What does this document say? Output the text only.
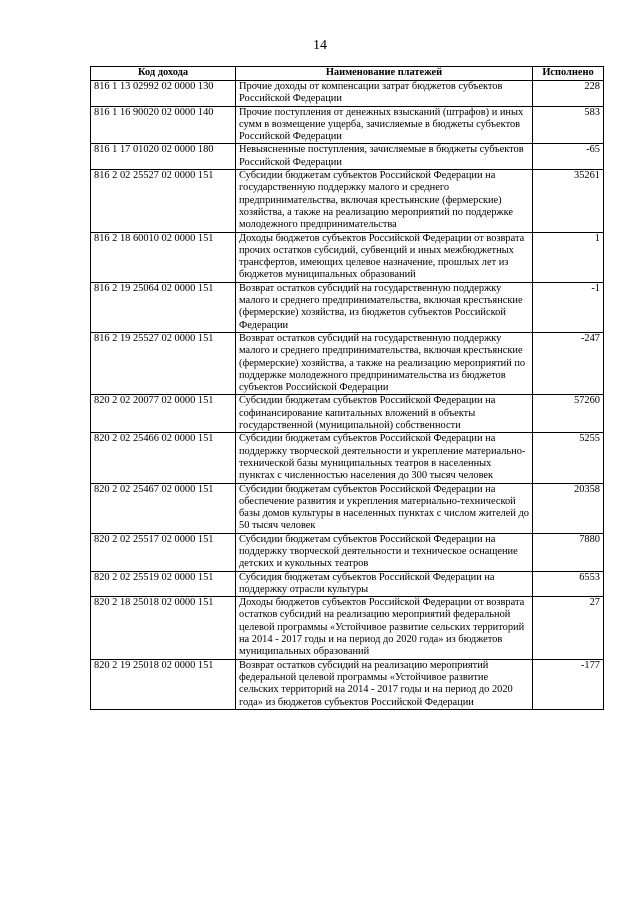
14
Код дохода	Наименование платежей	Исполнено
816 1 13 02992 02 0000 130	Прочие доходы от компенсации затрат бюджетов субъектов Российской Федерации	228
816 1 16 90020 02 0000 140	Прочие поступления от денежных взысканий (штрафов) и иных сумм в возмещение ущерба, зачисляемые в бюджеты субъектов Российской Федерации	583
816 1 17 01020 02 0000 180	Невыясненные поступления, зачисляемые в бюджеты субъектов Российской Федерации	-65
816 2 02 25527 02 0000 151	Субсидии бюджетам субъектов Российской Федерации на государственную поддержку малого и среднего предпринимательства, включая крестьянские (фермерские) хозяйства, а также на реализацию мероприятий по поддержке молодежного предпринимательства	35261
816 2 18 60010 02 0000 151	Доходы бюджетов субъектов Российской Федерации от возврата прочих остатков субсидий, субвенций и иных межбюджетных трансфертов, имеющих целевое назначение, прошлых лет из бюджетов муниципальных образований	1
816 2 19 25064 02 0000 151	Возврат остатков субсидий на государственную поддержку малого и среднего предпринимательства, включая крестьянские (фермерские) хозяйства, из бюджетов субъектов Российской Федерации	-1
816 2 19 25527 02 0000 151	Возврат остатков субсидий на государственную поддержку малого и среднего предпринимательства, включая крестьянские (фермерские) хозяйства, а также на реализацию мероприятий по поддержке молодежного предпринимательства из бюджетов субъектов Российской Федерации	-247
820 2 02 20077 02 0000 151	Субсидии бюджетам субъектов Российской Федерации на софинансирование капитальных вложений в объекты государственной (муниципальной) собственности	57260
820 2 02 25466 02 0000 151	Субсидии бюджетам субъектов Российской Федерации на поддержку творческой деятельности и укрепление материально-технической базы муниципальных театров в населенных пунктах с численностью населения до 300 тысяч человек	5255
820 2 02 25467 02 0000 151	Субсидии бюджетам субъектов Российской Федерации на обеспечение развития и укрепления материально-технической базы домов культуры в населенных пунктах с числом жителей до 50 тысяч человек	20358
820 2 02 25517 02 0000 151	Субсидии бюджетам субъектов Российской Федерации на поддержку творческой деятельности и техническое оснащение детских и кукольных театров	7880
820 2 02 25519 02 0000 151	Субсидия бюджетам субъектов Российской Федерации на поддержку отрасли культуры	6553
820 2 18 25018 02 0000 151	Доходы бюджетов субъектов Российской Федерации от возврата остатков субсидий на реализацию мероприятий федеральной целевой программы «Устойчивое развитие сельских территорий на 2014 - 2017 годы и на период до 2020 года» из бюджетов муниципальных образований	27
820 2 19 25018 02 0000 151	Возврат остатков субсидий на реализацию мероприятий федеральной целевой программы «Устойчивое развитие сельских территорий на 2014 - 2017 годы и на период до 2020 года» из бюджетов субъектов Российской Федерации	-177
